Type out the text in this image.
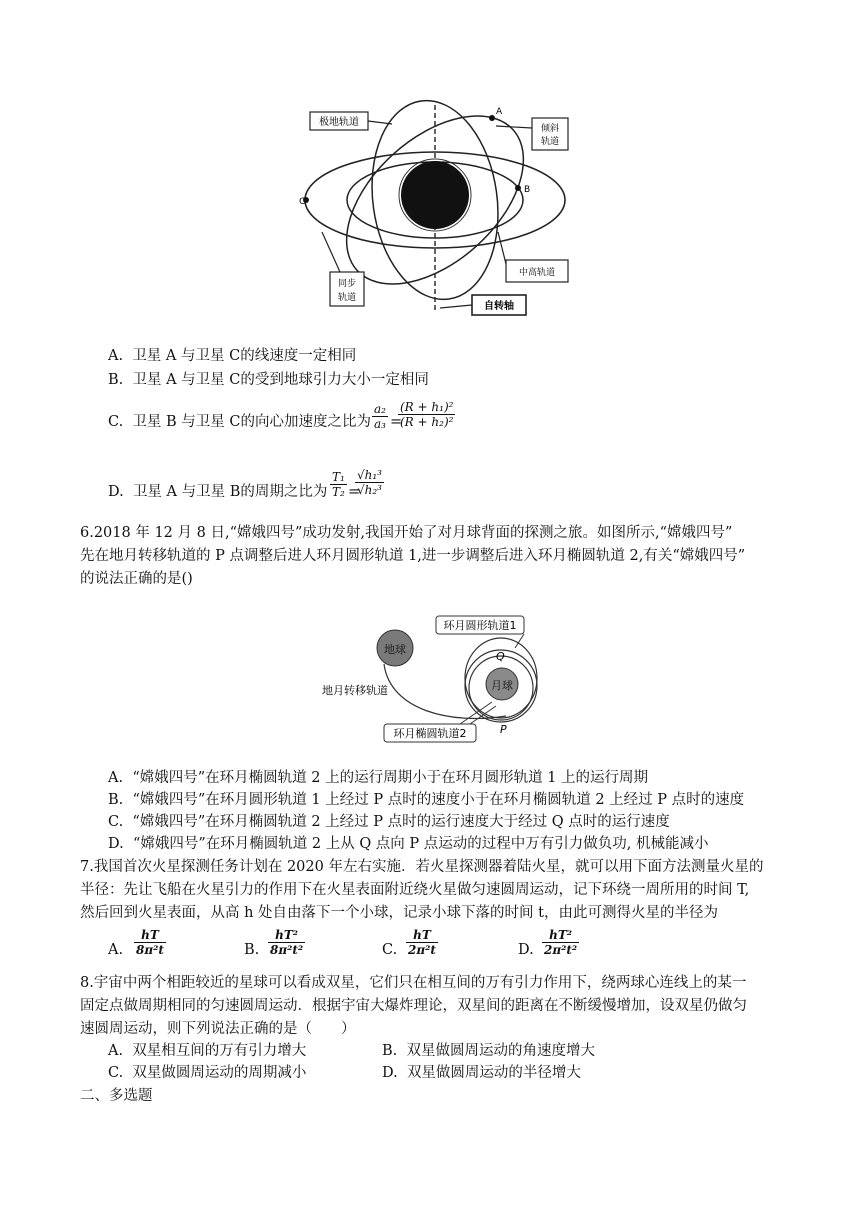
极地轨道
倾斜
轨道
同步
轨道
中高轨道
自转轴
A
B
C
A. 卫星 A 与卫星 C的线速度一定相同
B. 卫星 A 与卫星 C的受到地球引力大小一定相同
C. 卫星 B 与卫星 C的向心加速度之比为 $\frac{\text{a₂}}{\text{a₃}}$ =
$\frac{\text{(R + h₁)²}}{\text{(R + h₂)²}}$
D. 卫星 A 与卫星 B的周期之比为 $\frac{\text{T₁}}{\text{T₂}}$ =
$\frac{\text{√h₁³}}{\text{√h₂³}}$
6.2018 年 12 月 8 日,“嫦娥四号”成功发射,我国开始了对月球背面的探测之旅。如图所示,“嫦娥四号”
先在地月转移轨道的 P 点调整后进人环月圆形轨道 1,进一步调整后进入环月椭圆轨道 2,有关“嫦娥四号”
的说法正确的是()
地球
月球
环月圆形轨道1
环月椭圆轨道2
地月转移轨道
Q
P
A. “嫦娥四号”在环月椭圆轨道 2 上的运行周期小于在环月圆形轨道 1 上的运行周期
B. “嫦娥四号”在环月圆形轨道 1 上经过 P 点时的速度小于在环月椭圆轨道 2 上经过 P 点时的速度
C. “嫦娥四号”在环月椭圆轨道 2 上经过 P 点时的运行速度大于经过 Q 点时的运行速度
D. “嫦娥四号”在环月椭圆轨道 2 上从 Q 点向 P 点运动的过程中万有引力做负功, 机械能减小
7.我国首次火星探测任务计划在 2020 年左右实施．若火星探测器着陆火星，就可以用下面方法测量火星的
半径：先让飞船在火星引力的作用下在火星表面附近绕火星做匀速圆周运动，记下环绕一周所用的时间 T,
然后回到火星表面，从高 h 处自由落下一个小球，记录小球下落的时间 t，由此可测得火星的半径为
A. $\frac{hT}{\text{8π²t}}$	B. $\frac{\text{hT²}}{\text{8π²t²}}$	C. $\frac{hT}{\text{2π²t}}$	D. $\frac{\text{hT²}}{\text{2π²t²}}$
8.宇宙中两个相距较近的星球可以看成双星，它们只在相互间的万有引力作用下，绕两球心连线上的某一
固定点做周期相同的匀速圆周运动．根据宇宙大爆炸理论，双星间的距离在不断缓慢增加，设双星仍做匀
速圆周运动，则下列说法正确的是（　　）
A. 双星相互间的万有引力增大	B. 双星做圆周运动的角速度增大
C. 双星做圆周运动的周期减小	D. 双星做圆周运动的半径增大
二、多选题
